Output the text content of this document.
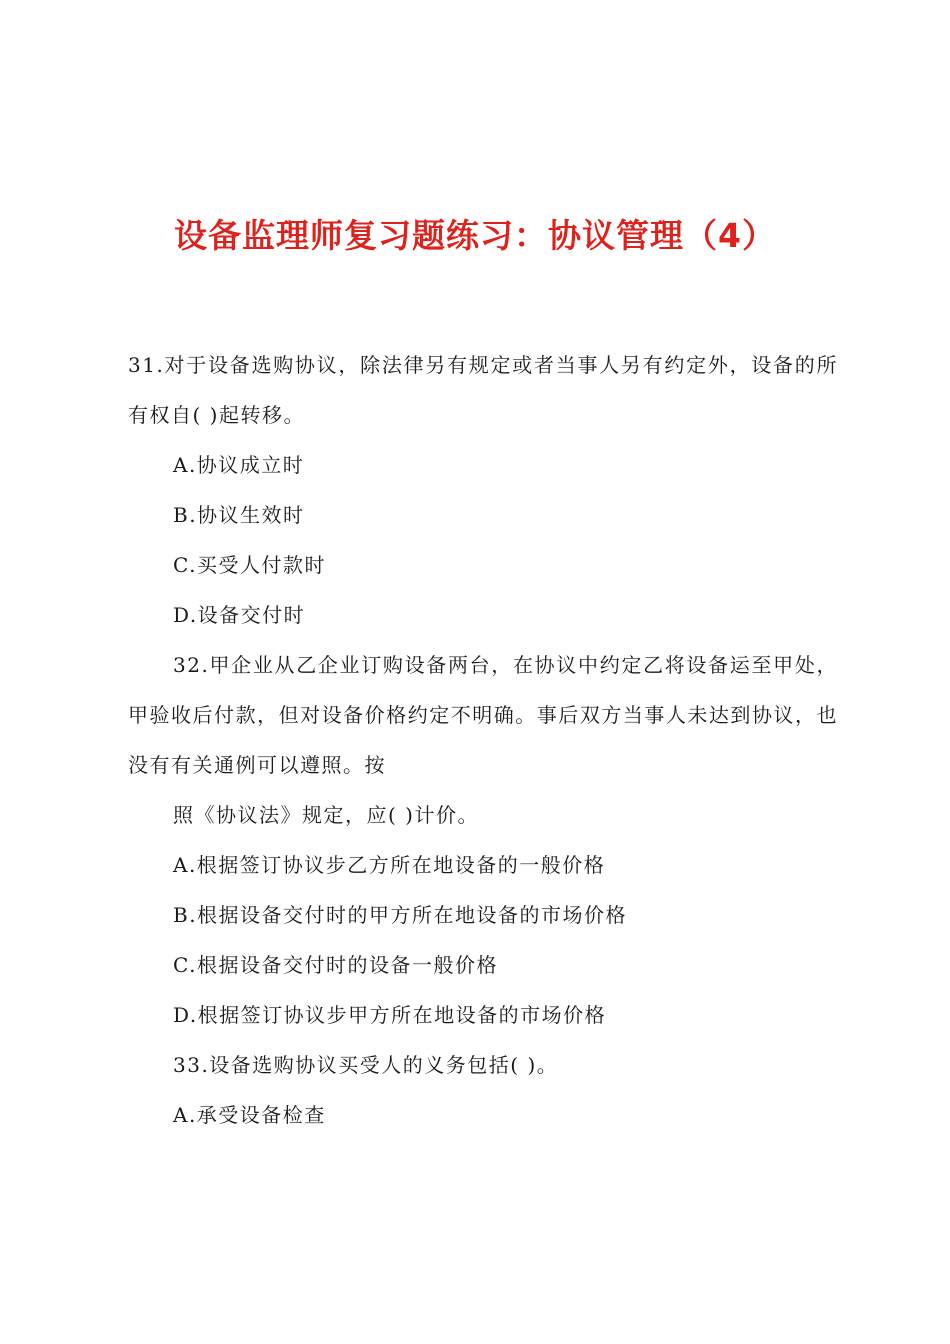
设备监理师复习题练习：协议管理（4）
31.对于设备选购协议，除法律另有规定或者当事人另有约定外，设备的所有权自( )起转移。
A.协议成立时
B.协议生效时
C.买受人付款时
D.设备交付时
32.甲企业从乙企业订购设备两台，在协议中约定乙将设备运至甲处，甲验收后付款，但对设备价格约定不明确。事后双方当事人未达到协议，也没有有关通例可以遵照。按
照《协议法》规定，应( )计价。
A.根据签订协议步乙方所在地设备的一般价格
B.根据设备交付时的甲方所在地设备的市场价格
C.根据设备交付时的设备一般价格
D.根据签订协议步甲方所在地设备的市场价格
33.设备选购协议买受人的义务包括( )。
A.承受设备检查
